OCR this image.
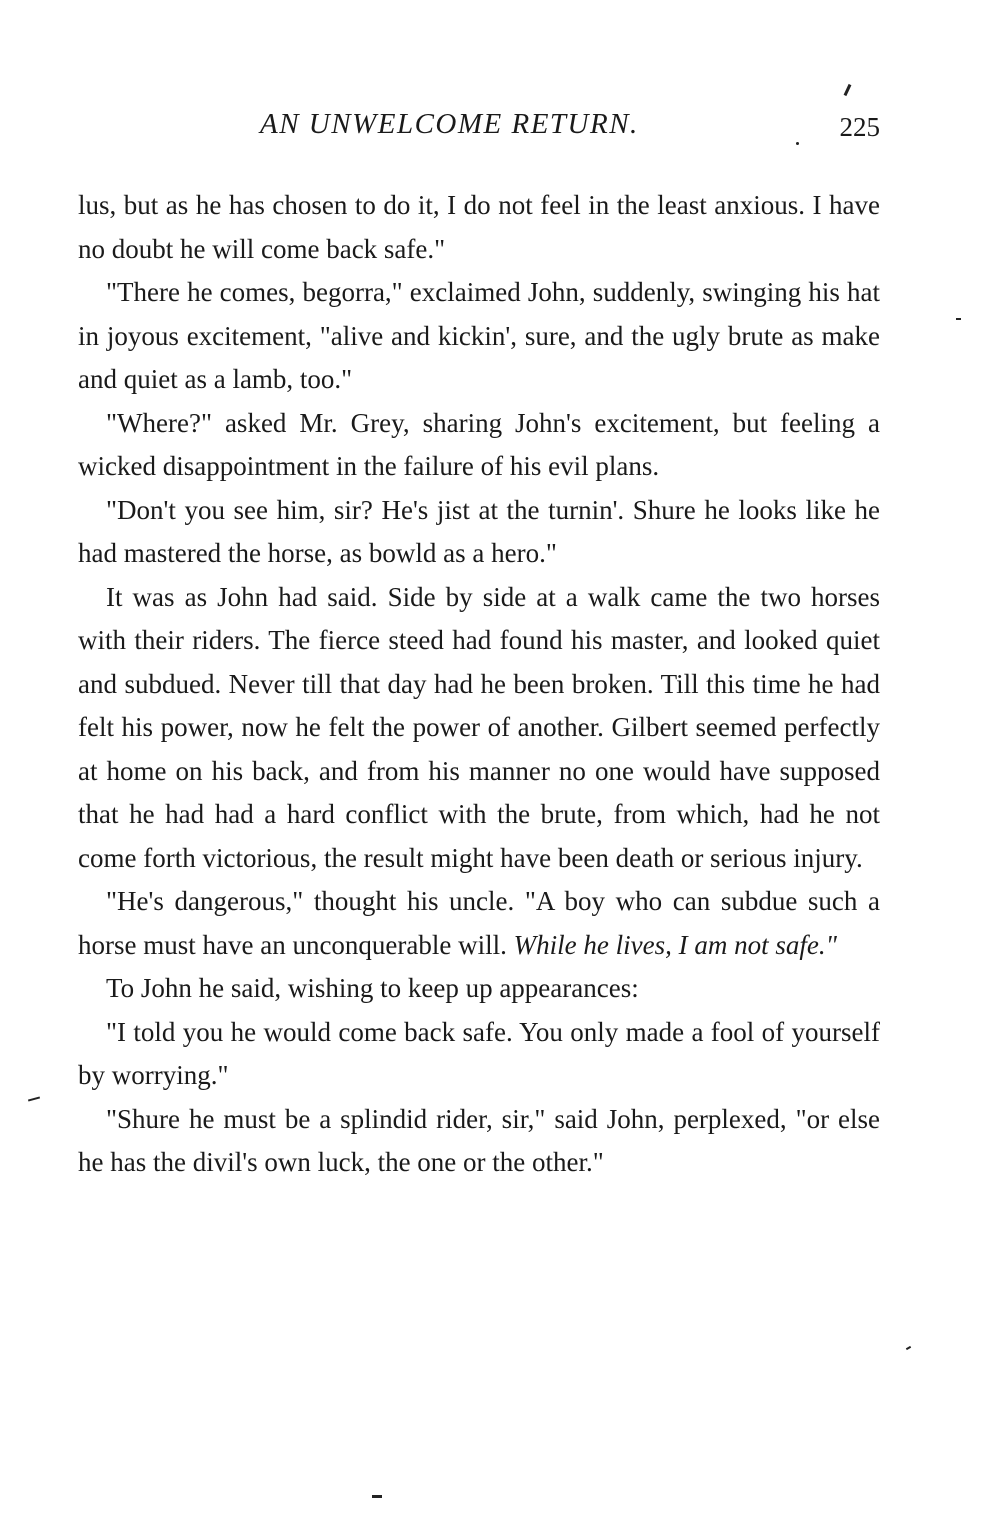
AN UNWELCOME RETURN.	225

lus, but as he has chosen to do it, I do not feel in the least anxious. I have no doubt he will come back safe."

"There he comes, begorra," exclaimed John, suddenly, swinging his hat in joyous excitement, "alive and kickin', sure, and the ugly brute as make and quiet as a lamb, too."

"Where?" asked Mr. Grey, sharing John's excitement, but feeling a wicked disappointment in the failure of his evil plans.

"Don't you see him, sir? He's jist at the turnin'. Shure he looks like he had mastered the horse, as bowld as a hero."

It was as John had said. Side by side at a walk came the two horses with their riders. The fierce steed had found his master, and looked quiet and subdued. Never till that day had he been broken. Till this time he had felt his power, now he felt the power of another. Gilbert seemed perfectly at home on his back, and from his manner no one would have supposed that he had had a hard conflict with the brute, from which, had he not come forth victorious, the result might have been death or serious injury.

"He's dangerous," thought his uncle. "A boy who can subdue such a horse must have an unconquerable will. While he lives, I am not safe."

To John he said, wishing to keep up appearances:

"I told you he would come back safe. You only made a fool of yourself by worrying."

"Shure he must be a splindid rider, sir," said John, perplexed, "or else he has the divil's own luck, the one or the other."
